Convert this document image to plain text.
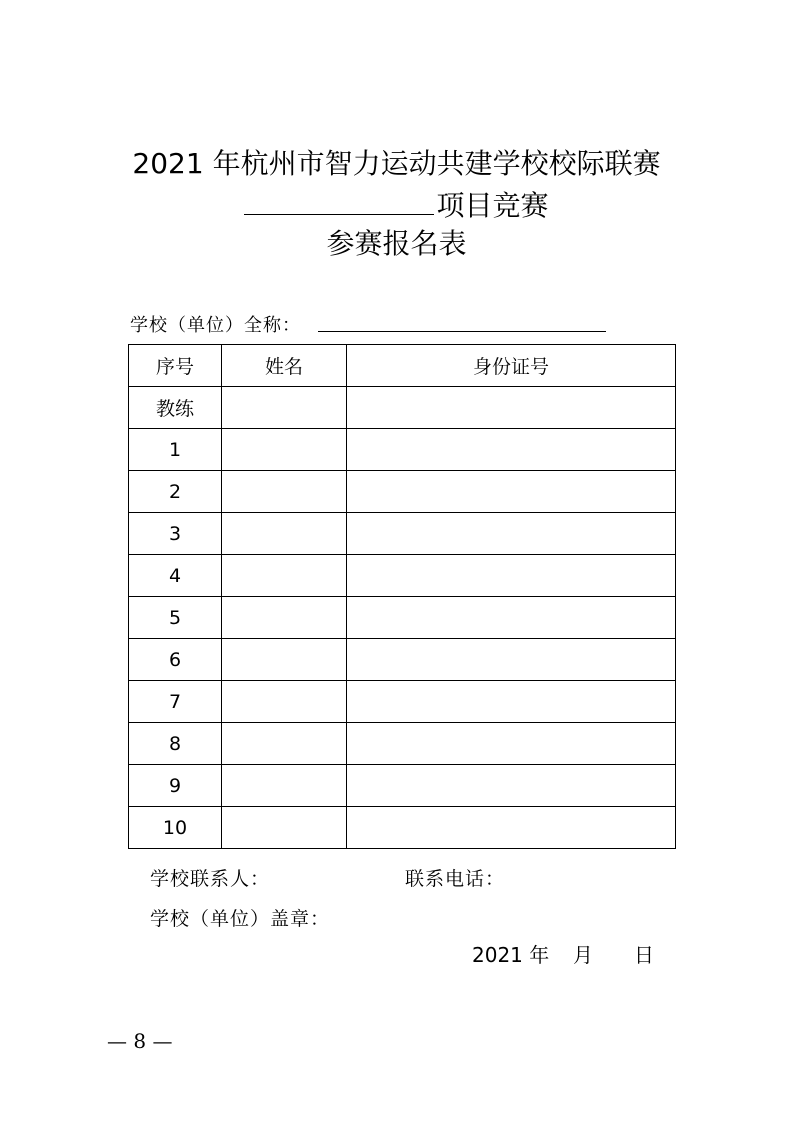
2021 年杭州市智力运动共建学校校际联赛
项目竞赛
参赛报名表
学校（单位）全称：
序号	姓名	身份证号
教练		
1		
2		
3		
4		
5		
6		
7		
8		
9		
10		
学校联系人：	联系电话：
学校（单位）盖章：
2021 年 月 日
— 8 —
